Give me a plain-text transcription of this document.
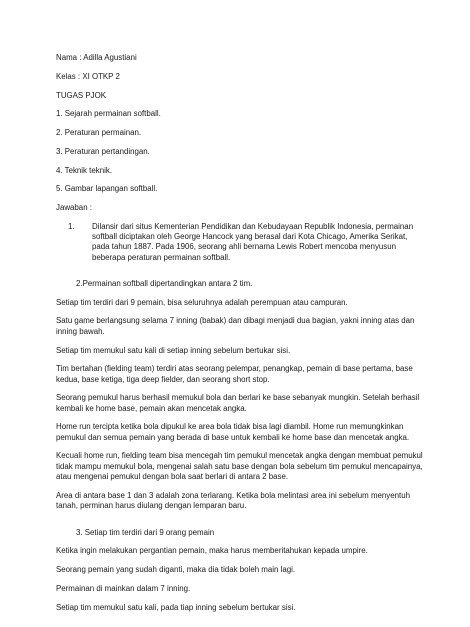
Nama : Adilla Agustiani
Kelas : XI OTKP 2
TUGAS PJOK
1. Sejarah permainan softball.
2. Peraturan permainan.
3. Peraturan pertandingan.
4. Teknik teknik.
5. Gambar lapangan softball.
Jawaban :
1.	Dilansir dari situs Kementerian Pendidikan dan Kebudayaan Republik Indonesia, permainan softball diciptakan oleh George Hancock yang berasal dari Kota Chicago, Amerika Serikat, pada tahun 1887. Pada 1906, seorang ahli bernama Lewis Robert mencoba menyusun beberapa peraturan permainan softball.
2.Permainan softball dipertandingkan antara 2 tim.
Setiap tim terdiri dari 9 pemain, bisa seluruhnya adalah perempuan atau campuran.
Satu game berlangsung selama 7 inning (babak) dan dibagi menjadi dua bagian, yakni inning atas dan inning bawah.
Setiap tim memukul satu kali di setiap inning sebelum bertukar sisi.
Tim bertahan (fielding team) terdiri atas seorang pelempar, penangkap, pemain di base pertama, base kedua, base ketiga, tiga deep fielder, dan seorang short stop.
Seorang pemukul harus berhasil memukul bola dan berlari ke base sebanyak mungkin. Setelah berhasil kembali ke home base, pemain akan mencetak angka.
Home run tercipta ketika bola dipukul ke area bola tidak bisa lagi diambil. Home run memungkinkan pemukul dan semua pemain yang berada di base untuk kembali ke home base dan mencetak angka.
Kecuali home run, fielding team bisa mencegah tim pemukul mencetak angka dengan membuat pemukul tidak mampu memukul bola, mengenai salah satu base dengan bola sebelum tim pemukul mencapainya, atau mengenai pemukul dengan bola saat berlari di antara 2 base.
Area di antara base 1 dan 3 adalah zona terlarang. Ketika bola melintasi area ini sebelum menyentuh tanah, perminan harus diulang dengan lemparan baru.
3. Setiap tim terdiri dari 9 orang pemain
Ketika ingin melakukan pergantian pemain, maka harus memberitahukan kepada umpire.
Seorang pemain yang sudah diganti, maka dia tidak boleh main lagi.
Permainan di mainkan dalam 7 inning.
Setiap tim memukul satu kali, pada tiap inning sebelum bertukar sisi.
